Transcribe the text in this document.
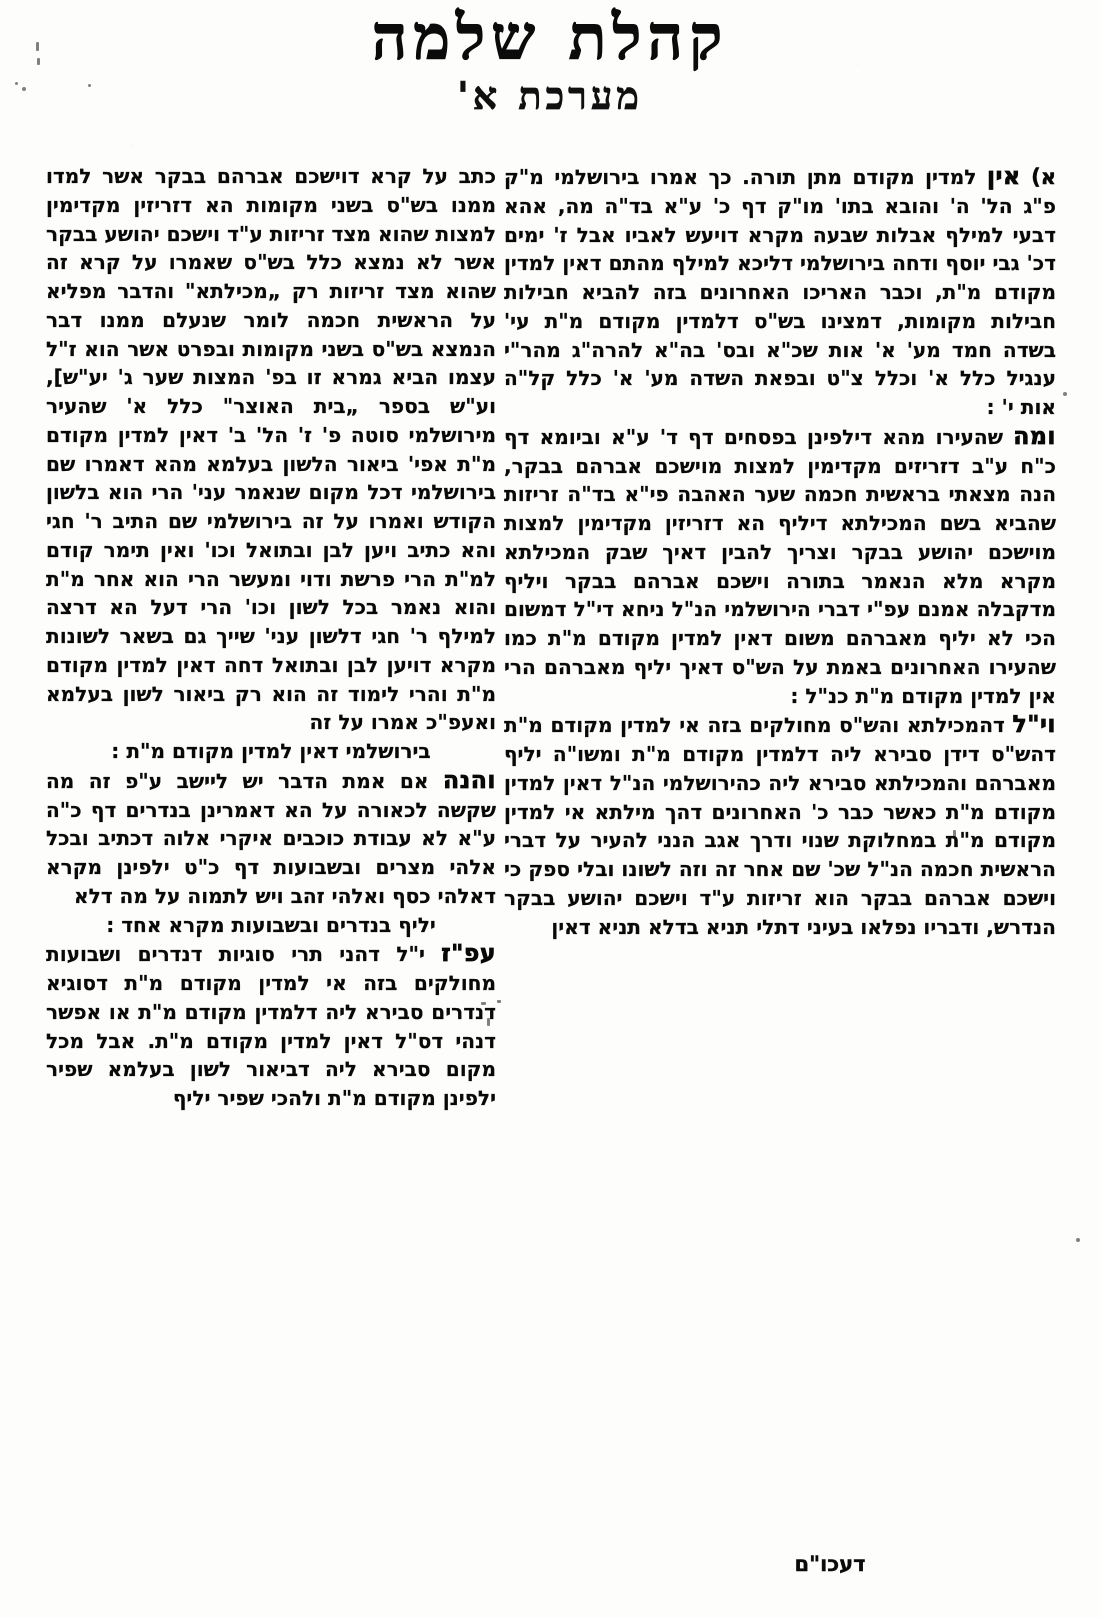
קהלת שלמה
מערכת א'

א) אין למדין מקודם מתן תורה. כך אמרו בירושלמי מ"ק פ"ג הל' ה' והובא בתו' מו"ק דף כ' ע"א בד"ה מה, אהא דבעי למילף אבלות שבעה מקרא דויעש לאביו אבל ז' ימים דכ' גבי יוסף ודחה בירושלמי דליכא למילף מהתם דאין למדין מקודם מ"ת, וכבר האריכו האחרונים בזה להביא חבילות חבילות מקומות, דמצינו בש"ס דלמדין מקודם מ"ת עי' בשדה חמד מע' א' אות שכ"א ובס' בה"א להרה"ג מהר"י ענגיל כלל א' וכלל צ"ט ובפאת השדה מע' א' כלל קל"ה אות י' :

ומה שהעירו מהא דילפינן בפסחים דף ד' ע"א וביומא דף כ"ח ע"ב דזריזים מקדימין למצות מוישכם אברהם בבקר, הנה מצאתי בראשית חכמה שער האהבה פי"א בד"ה זריזות שהביא בשם המכילתא דיליף הא דזריזין מקדימין למצות מוישכם יהושע בבקר וצריך להבין דאיך שבק המכילתא מקרא מלא הנאמר בתורה וישכם אברהם בבקר ויליף מדקבלה אמנם עפ"י דברי הירושלמי הנ"ל ניחא די"ל דמשום הכי לא יליף מאברהם משום דאין למדין מקודם מ"ת כמו שהעירו האחרונים באמת על הש"ס דאיך יליף מאברהם הרי אין למדין מקודם מ"ת כנ"ל :

וי"ל דהמכילתא והש"ס מחולקים בזה אי למדין מקודם מ"ת דהש"ס דידן סבירא ליה דלמדין מקודם מ"ת ומשו"ה יליף מאברהם והמכילתא סבירא ליה כהירושלמי הנ"ל דאין למדין מקודם מ"ת כאשר כבר כ' האחרונים דהך מילתא אי למדין מקודם מ"ת במחלוקת שנוי ודרך אגב הנני להעיר על דברי הראשית חכמה הנ"ל שכ' שם אחר זה וזה לשונו ובלי ספק כי וישכם אברהם בבקר הוא זריזות ע"ד וישכם יהושע בבקר הנדרש, ודבריו נפלאו בעיני דתלי תניא בדלא תניא דאין

כתב על קרא דוישכם אברהם בבקר אשר למדו ממנו בש"ס בשני מקומות הא דזריזין מקדימין למצות שהוא מצד זריזות ע"ד וישכם יהושע בבקר אשר לא נמצא כלל בש"ס שאמרו על קרא זה שהוא מצד זריזות רק „מכילתא" והדבר מפליא על הראשית חכמה לומר שנעלם ממנו דבר הנמצא בש"ס בשני מקומות ובפרט אשר הוא ז"ל עצמו הביא גמרא זו בפ' המצות שער ג' יע"ש], וע"ש בספר „בית האוצר" כלל א' שהעיר מירושלמי סוטה פ' ז' הל' ב' דאין למדין מקודם מ"ת אפי' ביאור הלשון בעלמא מהא דאמרו שם בירושלמי דכל מקום שנאמר עני' הרי הוא בלשון הקודש ואמרו על זה בירושלמי שם התיב ר' חגי והא כתיב ויען לבן ובתואל וכו' ואין תימר קודם למ"ת הרי פרשת ודוי ומעשר הרי הוא אחר מ"ת והוא נאמר בכל לשון וכו' הרי דעל הא דרצה למילף ר' חגי דלשון עני' שייך גם בשאר לשונות מקרא דויען לבן ובתואל דחה דאין למדין מקודם מ"ת והרי לימוד זה הוא רק ביאור לשון בעלמא ואעפ"כ אמרו על זה

בירושלמי דאין למדין מקודם מ"ת :

והנה אם אמת הדבר יש ליישב ע"פ זה מה שקשה לכאורה על הא דאמרינן בנדרים דף כ"ה ע"א לא עבודת כוכבים איקרי אלוה דכתיב ובכל אלהי מצרים ובשבועות דף כ"ט ילפינן מקרא דאלהי כסף ואלהי זהב ויש לתמוה על מה דלא

יליף בנדרים ובשבועות מקרא אחד :

עפ"ז י"ל דהני תרי סוגיות דנדרים ושבועות מחולקים בזה אי למדין מקודם מ"ת דסוגיא דנדרים סבירא ליה דלמדין מקודם מ"ת או אפשר דנהי דס"ל דאין למדין מקודם מ"ת. אבל מכל מקום סבירא ליה דביאור לשון בעלמא שפיר ילפינן מקודם מ"ת ולהכי שפיר יליף

דעכו"ם
